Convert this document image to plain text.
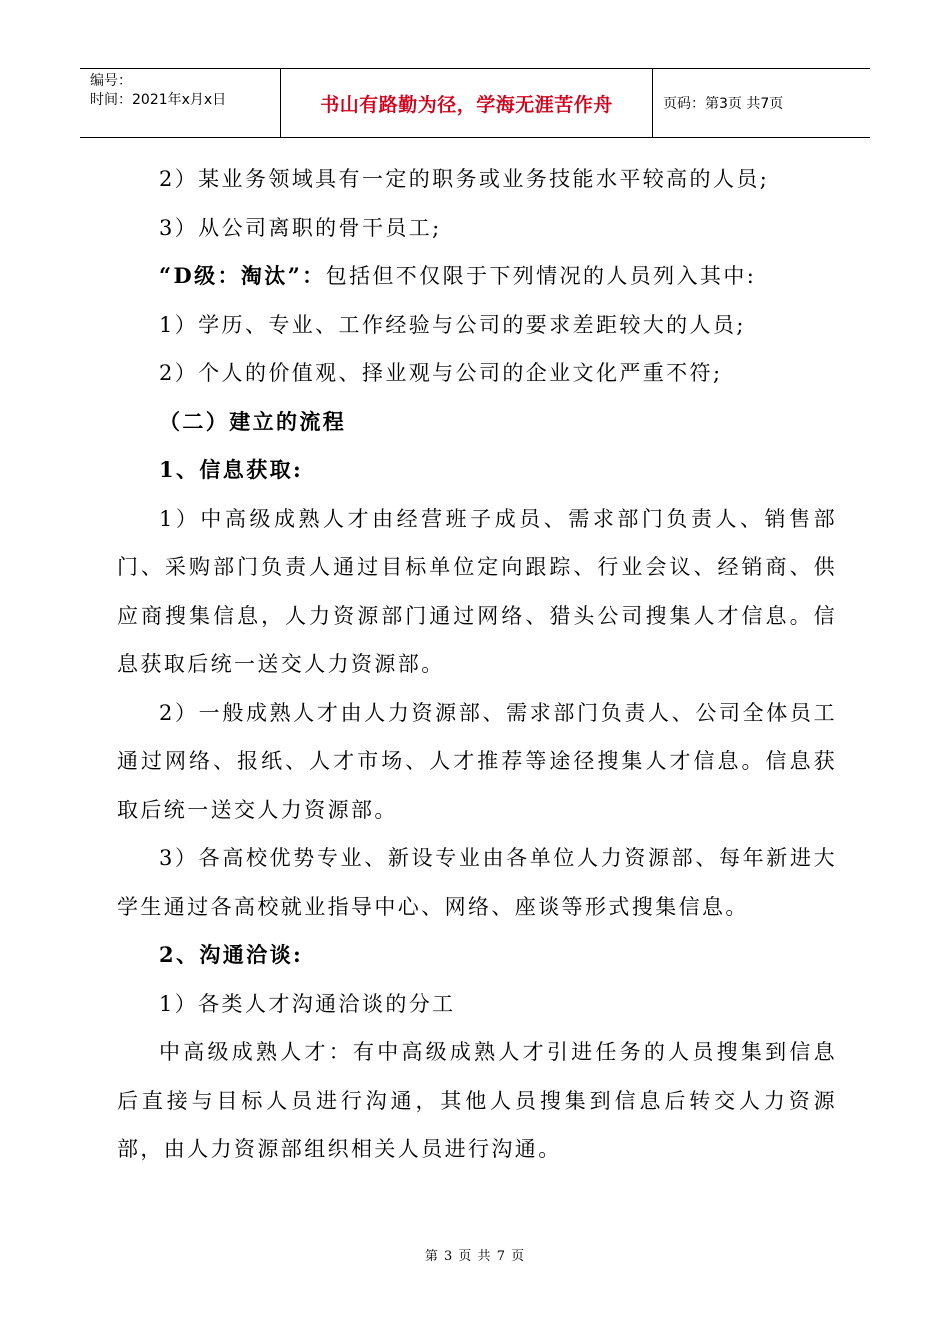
编号：
时间：2021年x月x日	书山有路勤为径，学海无涯苦作舟	页码：第3页 共7页

2）某业务领域具有一定的职务或业务技能水平较高的人员;

3）从公司离职的骨干员工;

“D级：淘汰”：包括但不仅限于下列情况的人员列入其中:

1）学历、专业、工作经验与公司的要求差距较大的人员;

2）个人的价值观、择业观与公司的企业文化严重不符;

（二）建立的流程

1、信息获取:

1）中高级成熟人才由经营班子成员、需求部门负责人、销售部门、采购部门负责人通过目标单位定向跟踪、行业会议、经销商、供应商搜集信息，人力资源部门通过网络、猎头公司搜集人才信息。信息获取后统一送交人力资源部。

2）一般成熟人才由人力资源部、需求部门负责人、公司全体员工通过网络、报纸、人才市场、人才推荐等途径搜集人才信息。信息获取后统一送交人力资源部。

3）各高校优势专业、新设专业由各单位人力资源部、每年新进大学生通过各高校就业指导中心、网络、座谈等形式搜集信息。

2、沟通洽谈:

1）各类人才沟通洽谈的分工

中高级成熟人才：有中高级成熟人才引进任务的人员搜集到信息后直接与目标人员进行沟通，其他人员搜集到信息后转交人力资源部，由人力资源部组织相关人员进行沟通。

第 3 页 共 7 页
